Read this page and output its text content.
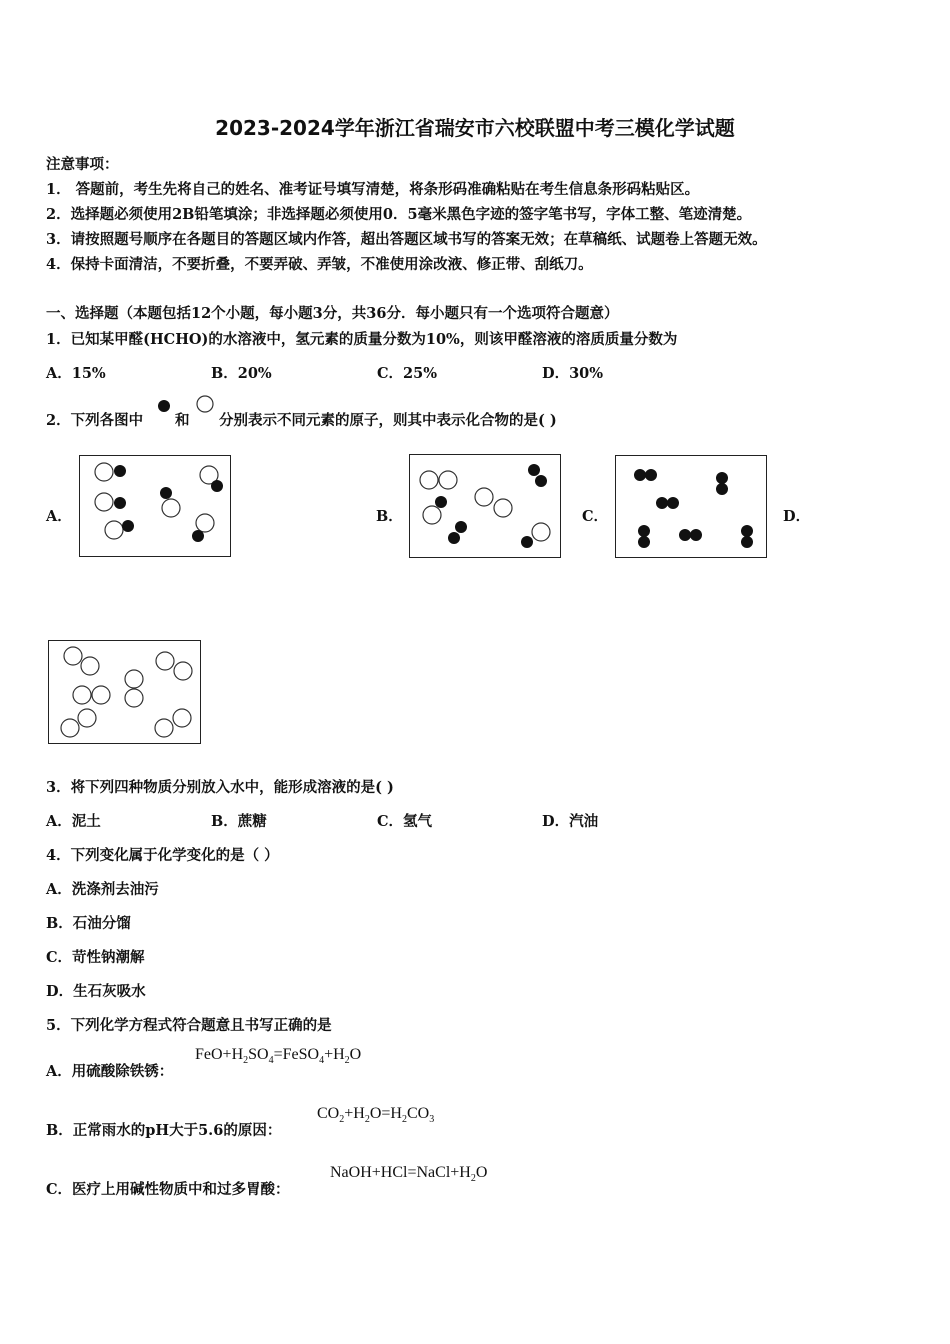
2023-2024学年浙江省瑞安市六校联盟中考三模化学试题
注意事项：
1． 答题前，考生先将自己的姓名、准考证号填写清楚，将条形码准确粘贴在考生信息条形码粘贴区。
2．选择题必须使用2B铅笔填涂；非选择题必须使用0．5毫米黑色字迹的签字笔书写，字体工整、笔迹清楚。
3．请按照题号顺序在各题目的答题区域内作答，超出答题区域书写的答案无效；在草稿纸、试题卷上答题无效。
4．保持卡面清洁，不要折叠，不要弄破、弄皱，不准使用涂改液、修正带、刮纸刀。
一、选择题（本题包括12个小题，每小题3分，共36分．每小题只有一个选项符合题意）
1．已知某甲醛(HCHO)的水溶液中，氢元素的质量分数为10%，则该甲醛溶液的溶质质量分数为
A．15%	B．20%	C．25%	D．30%
2．下列各图中 和 分别表示不同元素的原子，则其中表示化合物的是( )
A．	B．	C．	D．
3．将下列四种物质分别放入水中，能形成溶液的是( )
A．泥土	B．蔗糖	C．氢气	D．汽油
4．下列变化属于化学变化的是（ ）
A．洗涤剂去油污
B．石油分馏
C．苛性钠潮解
D．生石灰吸水
5．下列化学方程式符合题意且书写正确的是
A．用硫酸除铁锈：
$FeO+H_2SO_4=FeSO_4+H_2O$
B．正常雨水的pH大于5.6的原因：
$CO_2+H_2O=H_2CO_3$
C．医疗上用碱性物质中和过多胃酸：
$NaOH+HCl=NaCl+H_2O$
